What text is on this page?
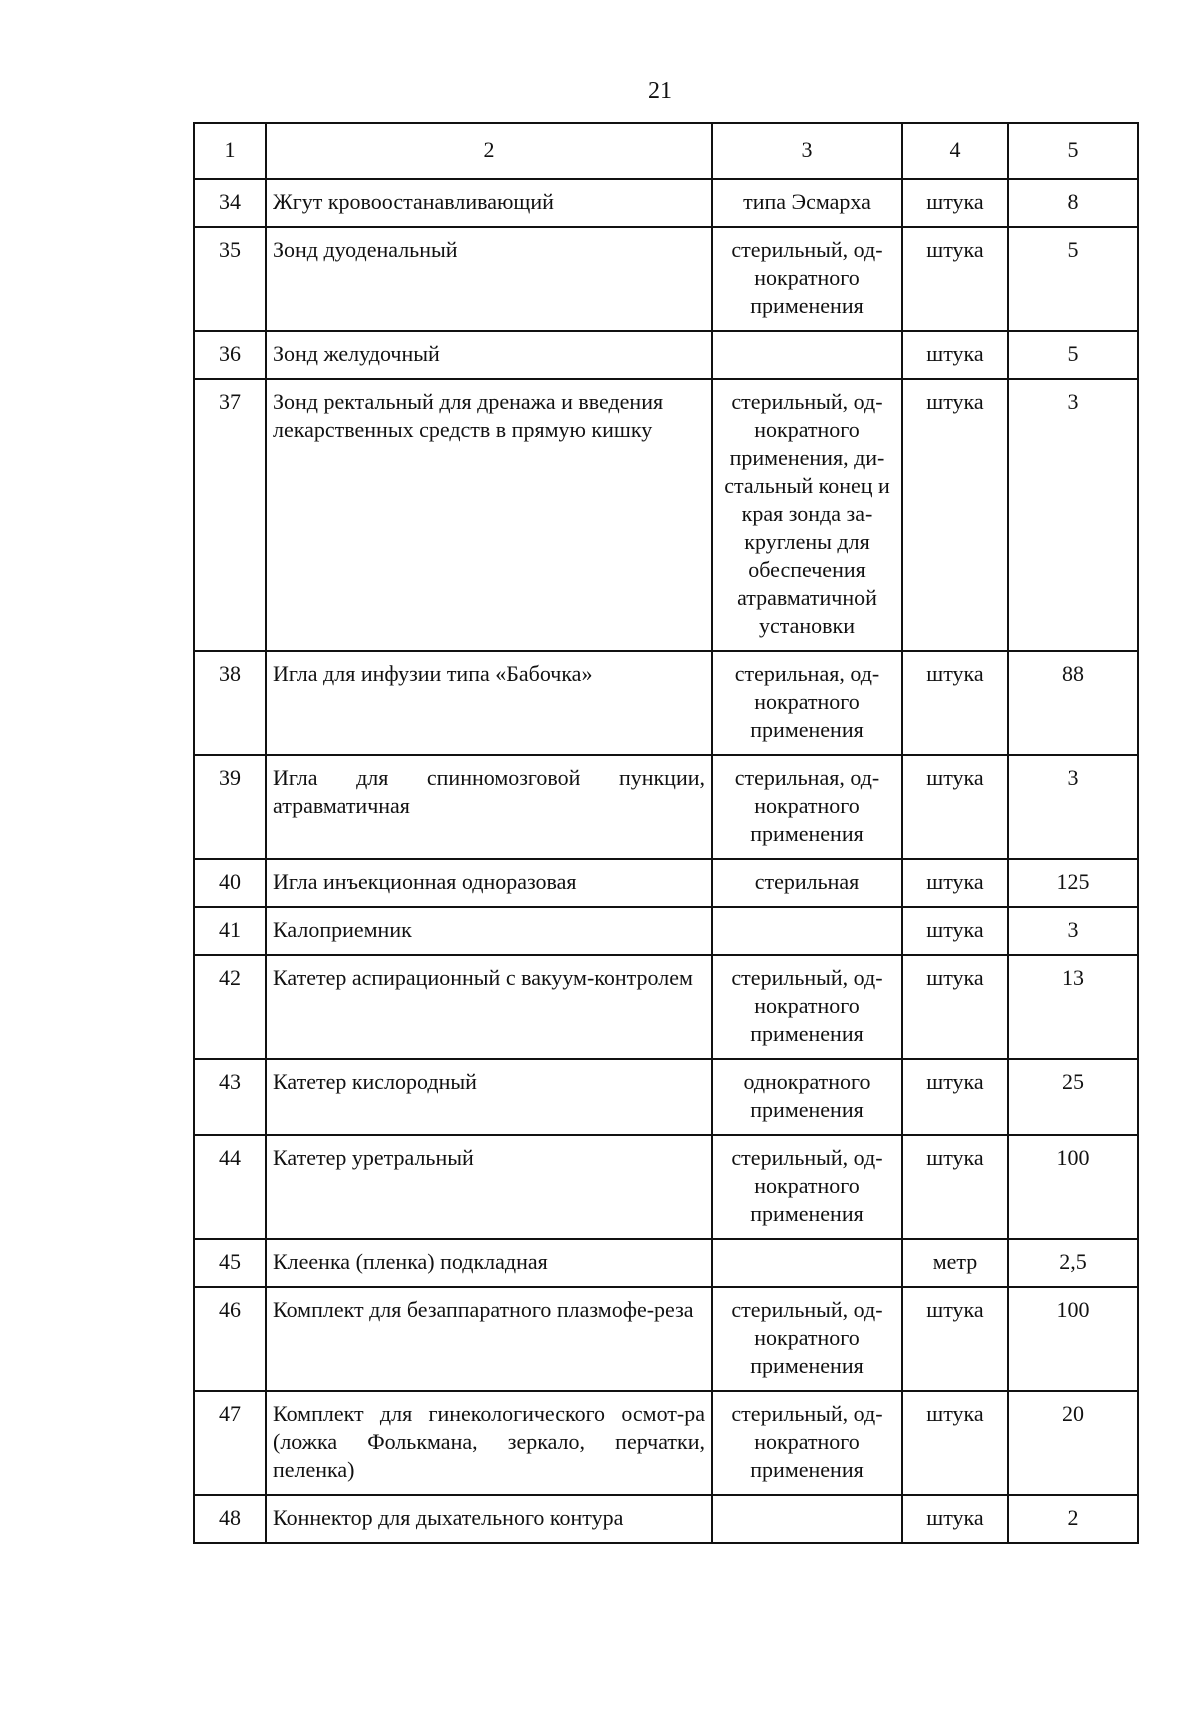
21
1	2	3	4	5
34	Жгут кровоостанавливающий	типа Эсмарха	штука	8
35	Зонд дуоденальный	стерильный, од-нократного применения	штука	5
36	Зонд желудочный		штука	5
37	Зонд ректальный для дренажа и введения лекарственных средств в прямую кишку	стерильный, од-нократного применения, ди-стальный конец и края зонда за-круглены для обеспечения атравматичной установки	штука	3
38	Игла для инфузии типа «Бабочка»	стерильная, од-нократного применения	штука	88
39	Игла для спинномозговой пункции, атравматичная	стерильная, од-нократного применения	штука	3
40	Игла инъекционная одноразовая	стерильная	штука	125
41	Калоприемник		штука	3
42	Катетер аспирационный с вакуум-контролем	стерильный, од-нократного применения	штука	13
43	Катетер кислородный	однократного применения	штука	25
44	Катетер уретральный	стерильный, од-нократного применения	штука	100
45	Клеенка (пленка) подкладная		метр	2,5
46	Комплект для безаппаратного плазмофе-реза	стерильный, од-нократного применения	штука	100
47	Комплект для гинекологического осмот-ра (ложка Фолькмана, зеркало, перчатки, пеленка)	стерильный, од-нократного применения	штука	20
48	Коннектор для дыхательного контура		штука	2
